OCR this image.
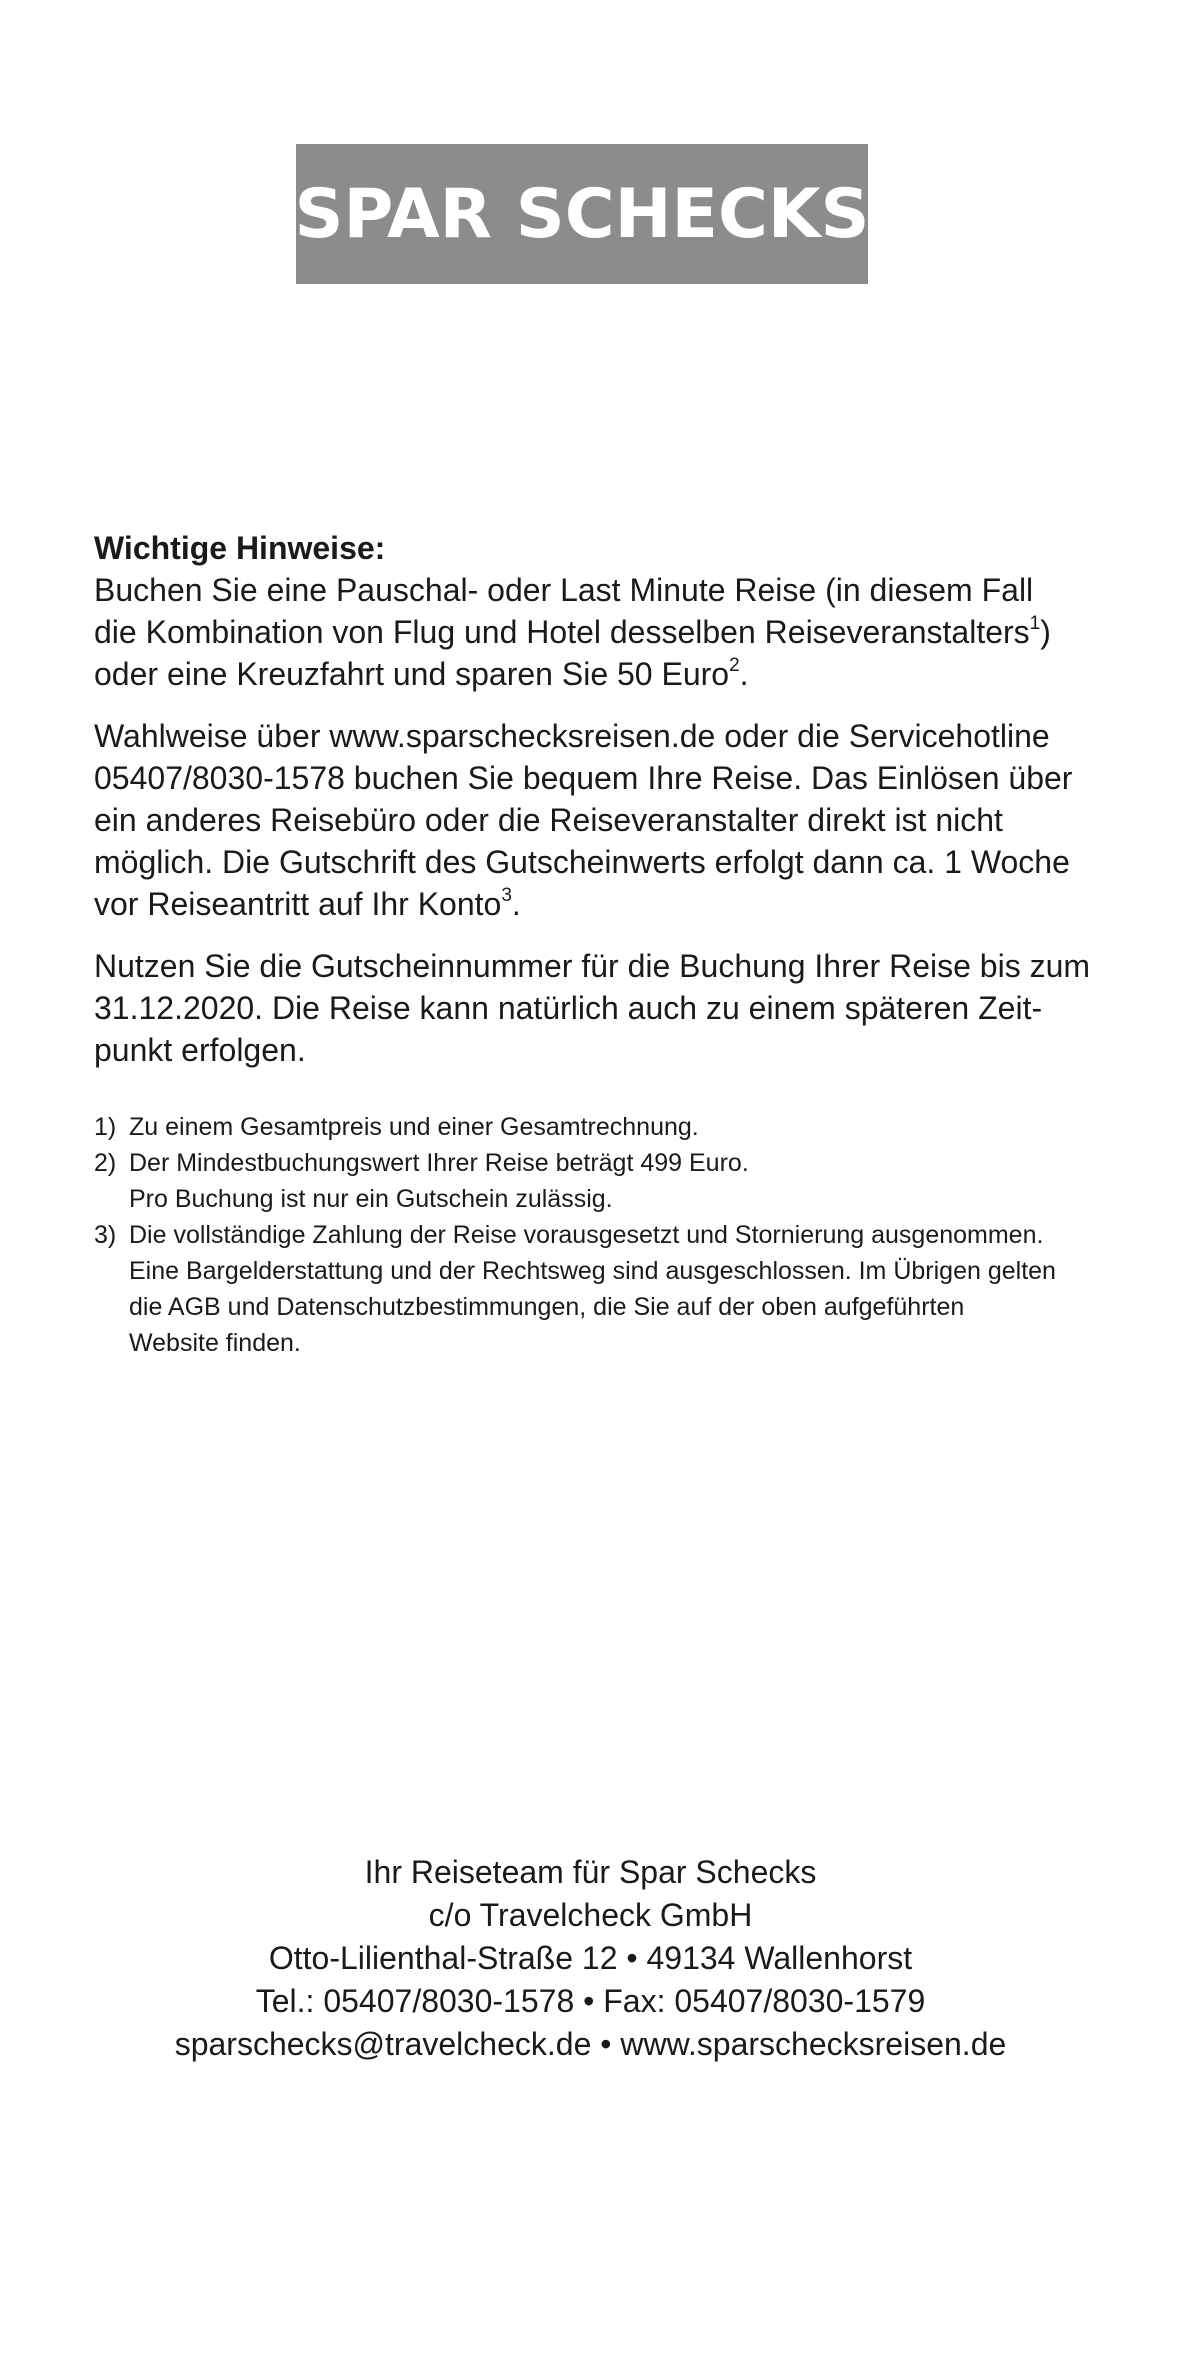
SPAR SCHECKS

Wichtige Hinweise:

Buchen Sie eine Pauschal- oder Last Minute Reise (in diesem Fall
die Kombination von Flug und Hotel desselben Reiseveranstalters$^1$)
oder eine Kreuzfahrt und sparen Sie 50 Euro$^2$.

Wahlweise über www.sparschecksreisen.de oder die Servicehotline
05407/8030-1578 buchen Sie bequem Ihre Reise. Das Einlösen über
ein anderes Reisebüro oder die Reiseveranstalter direkt ist nicht
möglich. Die Gutschrift des Gutscheinwerts erfolgt dann ca. 1 Woche
vor Reiseantritt auf Ihr Konto$^3$.

Nutzen Sie die Gutscheinnummer für die Buchung Ihrer Reise bis zum
31.12.2020. Die Reise kann natürlich auch zu einem späteren Zeit-
punkt erfolgen.

1) Zu einem Gesamtpreis und einer Gesamtrechnung.
2) Der Mindestbuchungswert Ihrer Reise beträgt 499 Euro.
Pro Buchung ist nur ein Gutschein zulässig.
3) Die vollständige Zahlung der Reise vorausgesetzt und Stornierung ausgenommen.
Eine Bargelderstattung und der Rechtsweg sind ausgeschlossen. Im Übrigen gelten
die AGB und Datenschutzbestimmungen, die Sie auf der oben aufgeführten
Website finden.
Ihr Reiseteam für Spar Schecks
c/o Travelcheck GmbH
Otto-Lilienthal-Straße 12 • 49134 Wallenhorst
Tel.: 05407/8030-1578 • Fax: 05407/8030-1579
sparschecks@travelcheck.de • www.sparschecksreisen.de
